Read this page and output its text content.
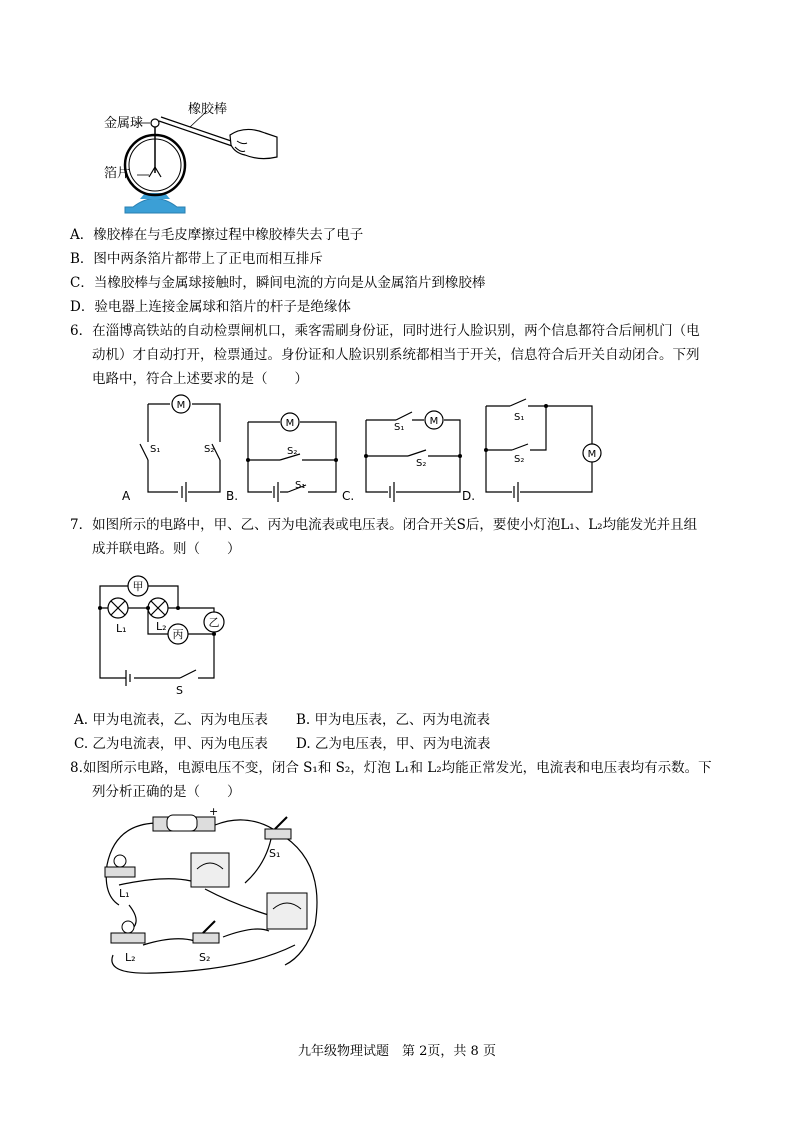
橡胶棒
金属球
箔片
A．橡胶棒在与毛皮摩擦过程中橡胶棒失去了电子
B．图中两条箔片都带上了正电而相互排斥
C．当橡胶棒与金属球接触时，瞬间电流的方向是从金属箔片到橡胶棒
D．验电器上连接金属球和箔片的杆子是绝缘体
6．在淄博高铁站的自动检票闸机口，乘客需刷身份证，同时进行人脸识别，两个信息都符合后闸机门（电
动机）才自动打开，检票通过。身份证和人脸识别系统都相当于开关，信息符合后开关自动闭合。下列
电路中，符合上述要求的是（　　）
M
M	M
M
S₁	S₂	S₂
S₁
S₁
S₂
S₁
S₂
A	B.	C.	D.
7．如图所示的电路中，甲、乙、丙为电流表或电压表。闭合开关S后，要使小灯泡L₁、L₂均能发光并且组
成并联电路。则（　　）
甲
丙
乙
L₁	L₂
S
A. 甲为电流表，乙、丙为电压表 B. 甲为电压表，乙、丙为电流表
C. 乙为电流表，甲、丙为电压表 D. 乙为电压表，甲、丙为电流表
8.如图所示电路，电源电压不变，闭合 S₁和 S₂，灯泡 L₁和 L₂均能正常发光，电流表和电压表均有示数。下
列分析正确的是（　　）
+
S₁
L₁
L₂	S₂
九年级物理试题　第 2页，共 8 页
